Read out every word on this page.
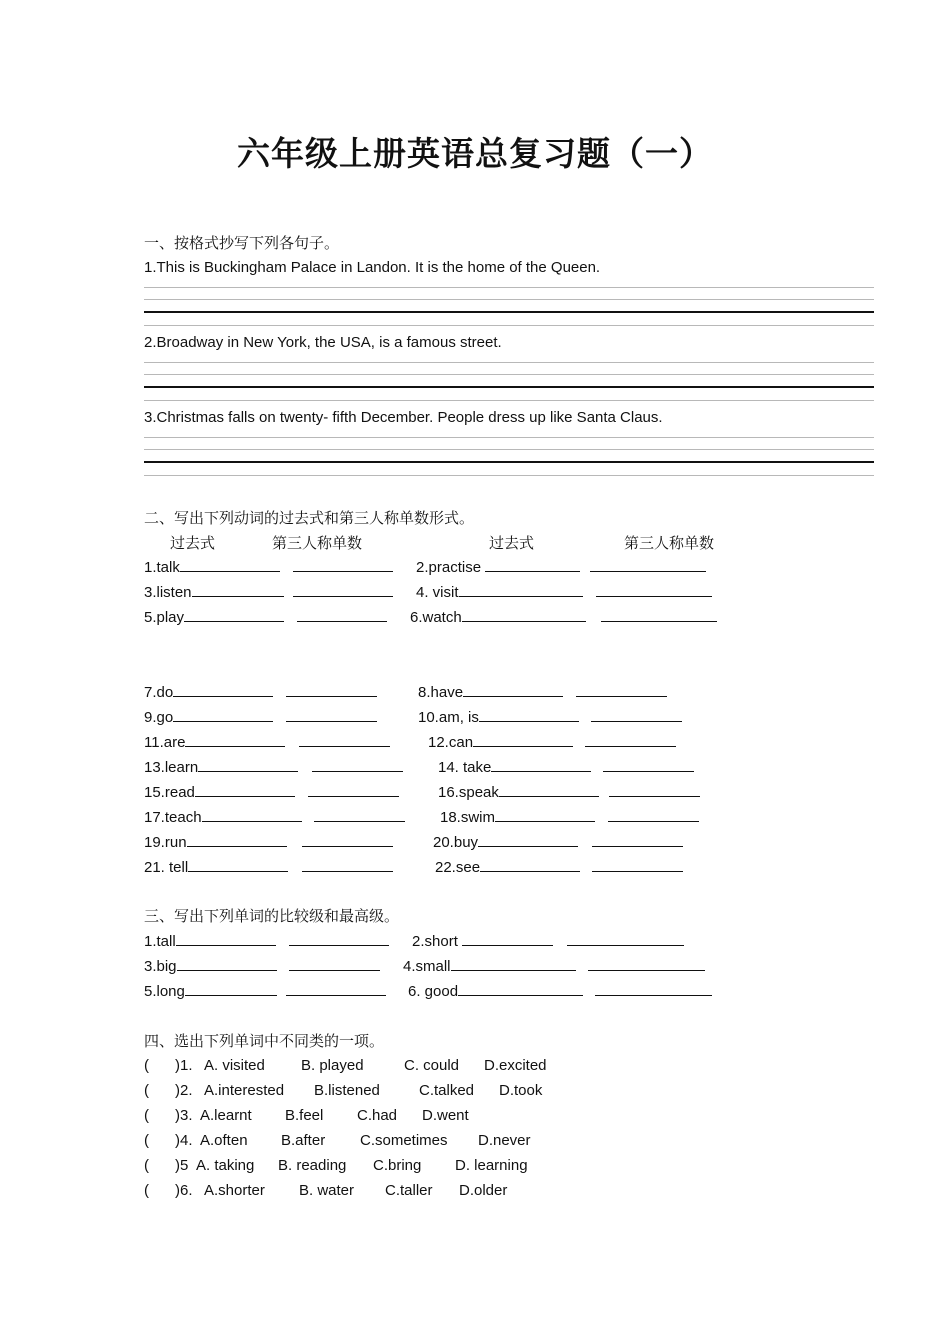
六年级上册英语总复习题（一）
一、按格式抄写下列各句子。
1.This is Buckingham Palace in Landon. It is the home of the Queen.
2.Broadway in New York, the USA, is a famous street.
3.Christmas falls on twenty- fifth December. People dress up like Santa Claus.
二、写出下列动词的过去式和第三人称单数形式。
过去式	第三人称单数	过去式	第三人称单数
1.talk	2.practise
3.listen	4. visit
5.play	6.watch
7.do	8.have
9.go	10.am, is
11.are	12.can
13.learn	14. take
15.read	16.speak
17.teach	18.swim
19.run	20.buy
21. tell	22.see
三、写出下列单词的比较级和最高级。
1.tall	2.short
3.big	4.small
5.long	6. good
四、选出下列单词中不同类的一项。
( )1. A. visited B. played	C. could D.excited
( )2. A.interested B.listened	C.talked D.took
( )3. A.learnt B.feel C.had D.went
( )4. A.often B.after C.sometimes D.never
( )5 A. taking B. reading C.bring D. learning
( )6. A.shorter B. water C.taller D.older
